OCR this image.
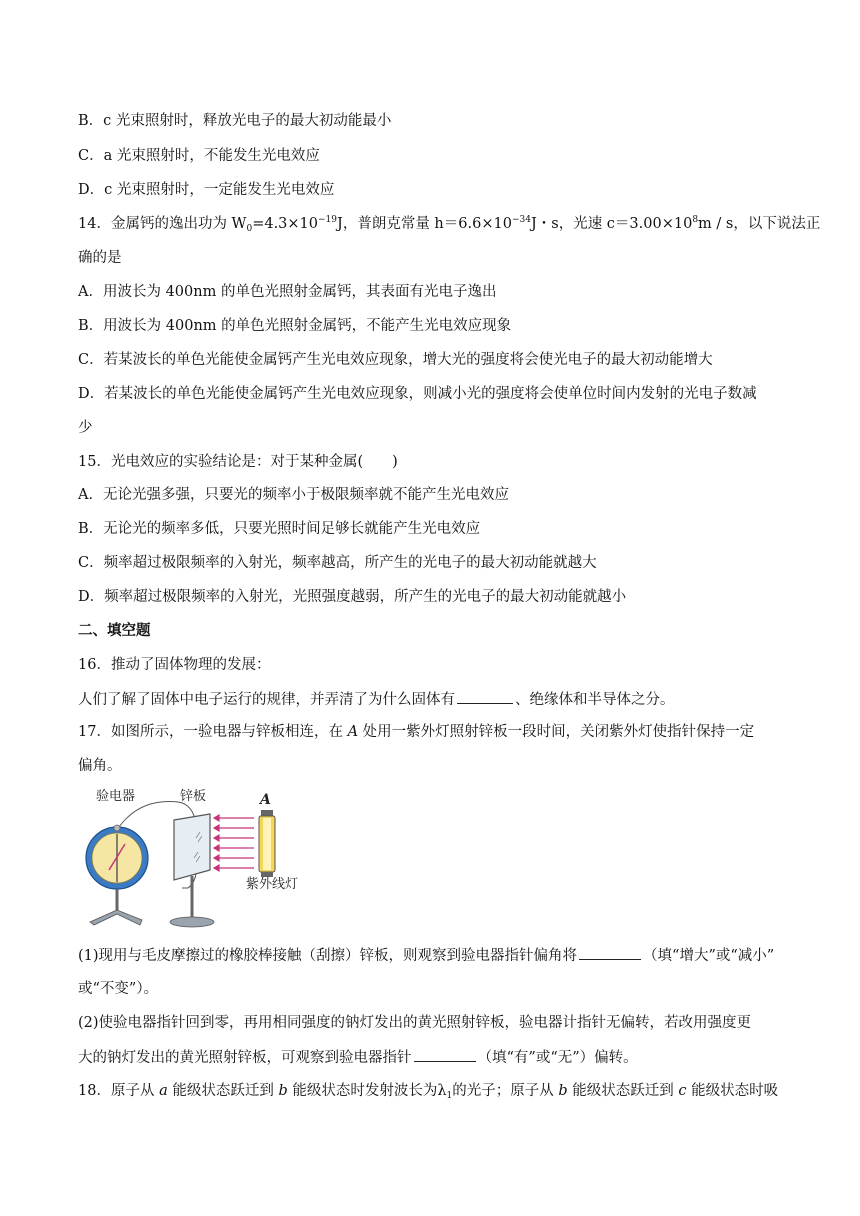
B．c 光束照射时，释放光电子的最大初动能最小
C．a 光束照射时，不能发生光电效应
D．c 光束照射时，一定能发生光电效应
14．金属钙的逸出功为 $W_0=4.3\times 10^{-19}J$，普朗克常量 $h=6.6\times 10^{-34}J$・s，光速 $c=3.00\times 10^8m / s$，以下说法正
确的是
A．用波长为 400nm 的单色光照射金属钙，其表面有光电子逸出
B．用波长为 400nm 的单色光照射金属钙，不能产生光电效应现象
C．若某波长的单色光能使金属钙产生光电效应现象，增大光的强度将会使光电子的最大初动能增大
D．若某波长的单色光能使金属钙产生光电效应现象，则减小光的强度将会使单位时间内发射的光电子数减
少
15．光电效应的实验结论是：对于某种金属(　　)
A．无论光强多强，只要光的频率小于极限频率就不能产生光电效应
B．无论光的频率多低，只要光照时间足够长就能产生光电效应
C．频率超过极限频率的入射光，频率越高，所产生的光电子的最大初动能就越大
D．频率超过极限频率的入射光，光照强度越弱，所产生的光电子的最大初动能就越小
二、填空题
16．推动了固体物理的发展：
人们了解了固体中电子运行的规律，并弄清了为什么固体有	、绝缘体和半导体之分。
17．如图所示，一验电器与锌板相连，在 A 处用一紫外灯照射锌板一段时间，关闭紫外灯使指针保持一定
偏角。
验电器	锌板	A
紫外线灯
(1)现用与毛皮摩擦过的橡胶棒接触（刮擦）锌板，则观察到验电器指针偏角将	（填“增大”或“减小”
或“不变”）。
(2)使验电器指针回到零，再用相同强度的钠灯发出的黄光照射锌板，验电器计指针无偏转，若改用强度更
大的钠灯发出的黄光照射锌板，可观察到验电器指针	（填“有”或“无”）偏转。
18．原子从 a 能级状态跃迁到 b 能级状态时发射波长为$\lambda_1$的光子；原子从 b 能级状态跃迁到 c 能级状态时吸
